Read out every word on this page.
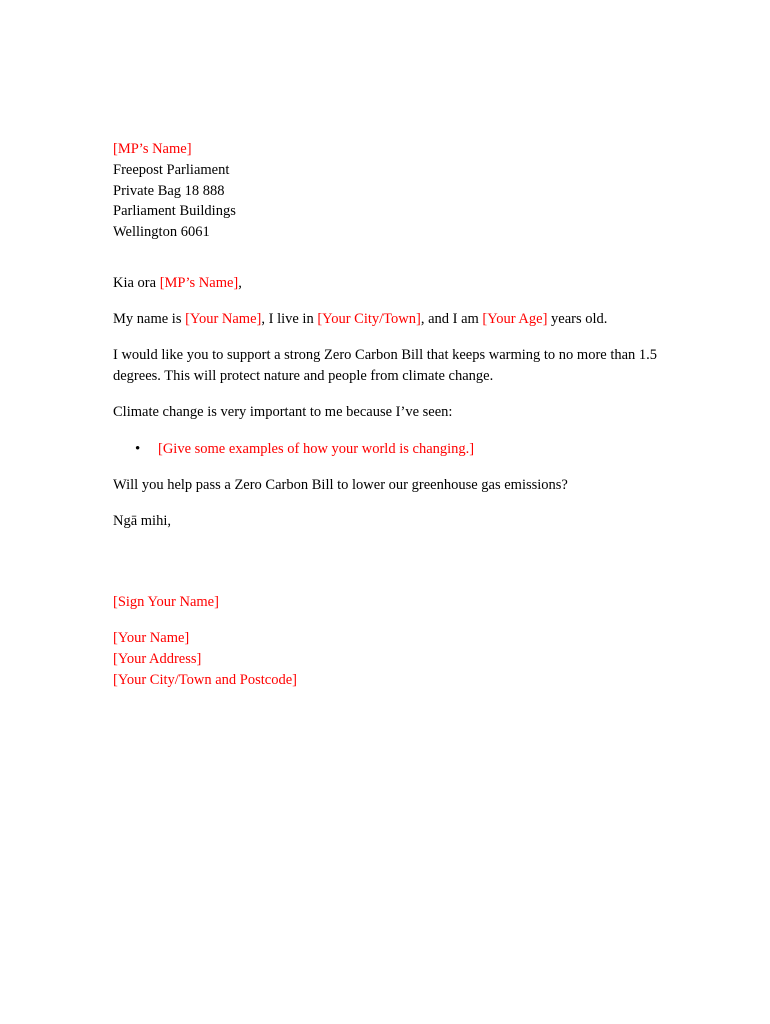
[MP’s Name]
Freepost Parliament
Private Bag 18 888
Parliament Buildings
Wellington 6061
Kia ora [MP’s Name],
My name is [Your Name], I live in [Your City/Town], and I am [Your Age] years old.
I would like you to support a strong Zero Carbon Bill that keeps warming to no more than 1.5 degrees. This will protect nature and people from climate change.
Climate change is very important to me because I’ve seen:
• [Give some examples of how your world is changing.]
Will you help pass a Zero Carbon Bill to lower our greenhouse gas emissions?
Ngā mihi,
[Sign Your Name]
[Your Name]
[Your Address]
[Your City/Town and Postcode]
